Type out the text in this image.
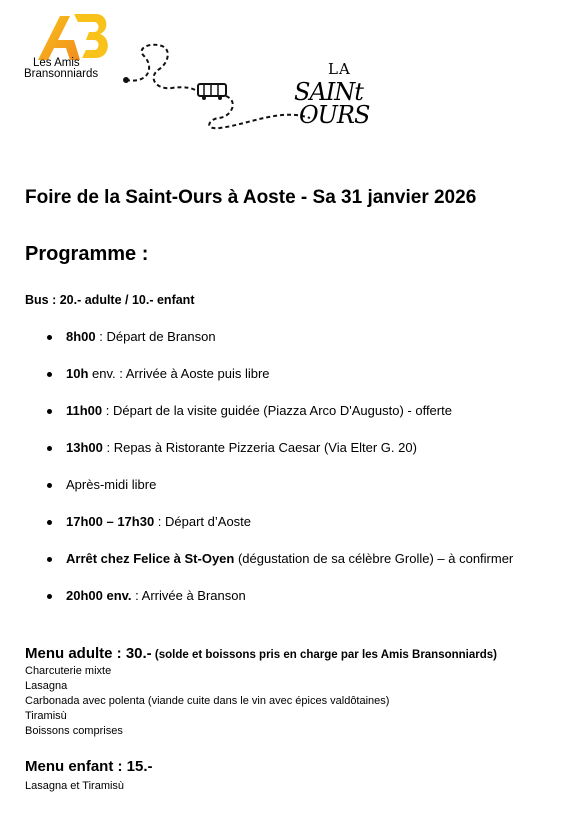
Les Amis
Bransonniards	LA
SAINt
OURS
Foire de la Saint-Ours à Aoste - Sa 31 janvier 2026
Programme :
Bus : 20.- adulte / 10.- enfant
8h00 : Départ de Branson
10h env. : Arrivée à Aoste puis libre
11h00 : Départ de la visite guidée (Piazza Arco D'Augusto) - offerte
13h00 : Repas à Ristorante Pizzeria Caesar (Via Elter G. 20)
Après-midi libre
17h00 – 17h30 : Départ d’Aoste
Arrêt chez Felice à St-Oyen (dégustation de sa célèbre Grolle) – à confirmer
20h00 env. : Arrivée à Branson
Menu adulte : 30.- (solde et boissons pris en charge par les Amis Bransonniards)
Charcuterie mixte
Lasagna
Carbonada avec polenta (viande cuite dans le vin avec épices valdôtaines)
Tiramisù
Boissons comprises
Menu enfant : 15.-
Lasagna et Tiramisù
